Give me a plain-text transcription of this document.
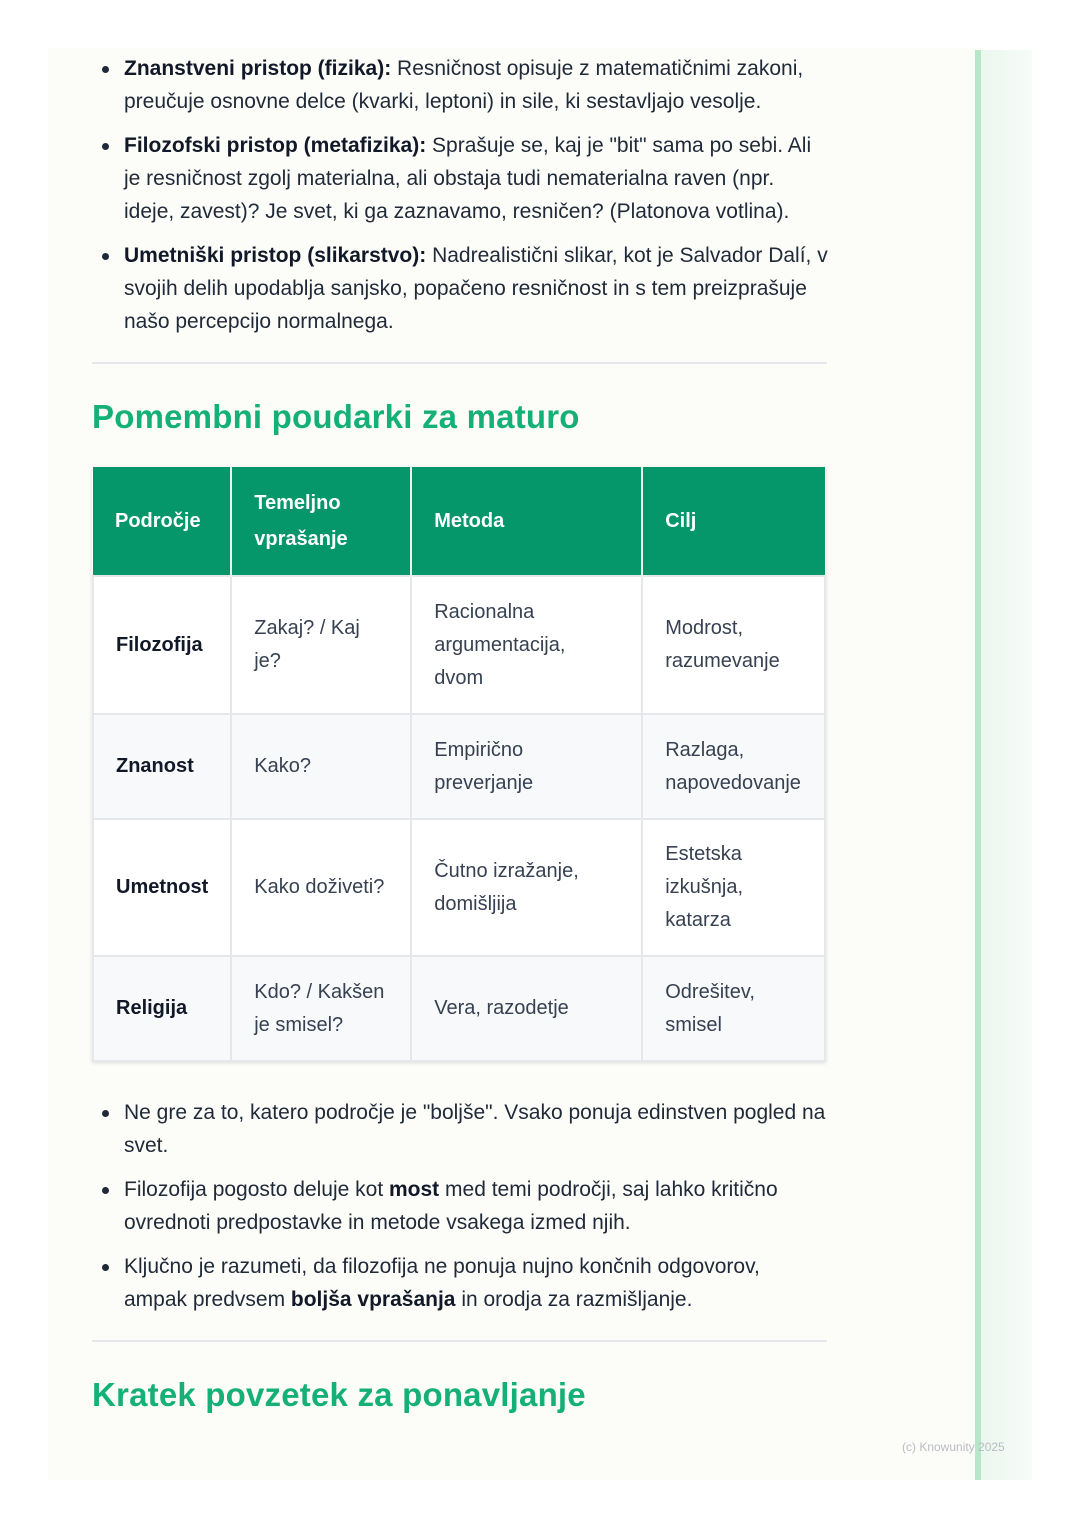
Znanstveni pristop (fizika): Resničnost opisuje z matematičnimi zakoni, preučuje osnovne delce (kvarki, leptoni) in sile, ki sestavljajo vesolje.
Filozofski pristop (metafizika): Sprašuje se, kaj je "bit" sama po sebi. Ali je resničnost zgolj materialna, ali obstaja tudi nematerialna raven (npr. ideje, zavest)? Je svet, ki ga zaznavamo, resničen? (Platonova votlina).
Umetniški pristop (slikarstvo): Nadrealistični slikar, kot je Salvador Dalí, v svojih delih upodablja sanjsko, popačeno resničnost in s tem preizprašuje našo percepcijo normalnega.
Pomembni poudarki za maturo
Področje	Temeljno vprašanje	Metoda	Cilj
Filozofija	Zakaj? / Kaj je?	Racionalna argumentacija, dvom	Modrost, razumevanje
Znanost	Kako?	Empirično preverjanje	Razlaga, napovedovanje
Umetnost	Kako doživeti?	Čutno izražanje, domišljija	Estetska izkušnja, katarza
Religija	Kdo? / Kakšen je smisel?	Vera, razodetje	Odrešitev, smisel
Ne gre za to, katero področje je "boljše". Vsako ponuja edinstven pogled na svet.
Filozofija pogosto deluje kot most med temi področji, saj lahko kritično ovrednoti predpostavke in metode vsakega izmed njih.
Ključno je razumeti, da filozofija ne ponuja nujno končnih odgovorov, ampak predvsem boljša vprašanja in orodja za razmišljanje.
Kratek povzetek za ponavljanje
(c) Knowunity 2025
